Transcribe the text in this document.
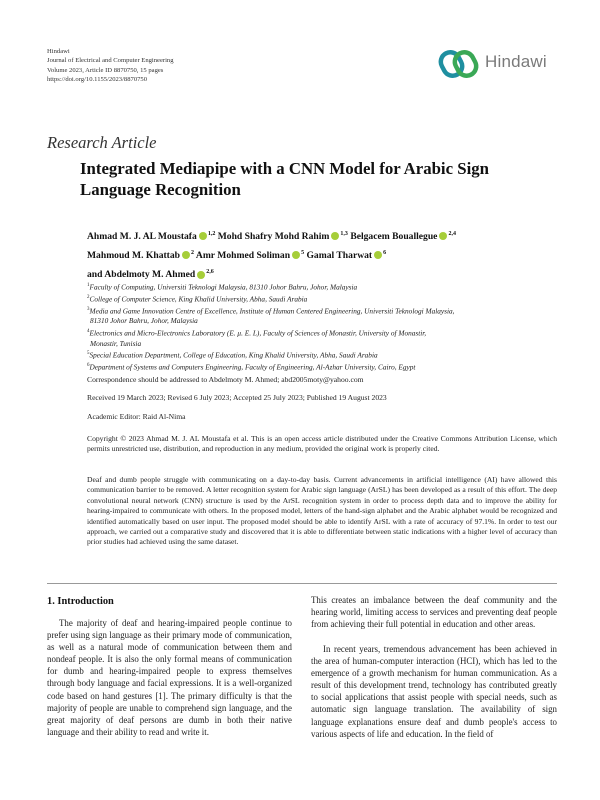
Hindawi
Journal of Electrical and Computer Engineering
Volume 2023, Article ID 8870750, 15 pages
https://doi.org/10.1155/2023/8870750
Hindawi
Research Article
Integrated Mediapipe with a CNN Model for Arabic Sign Language Recognition
Ahmad M. J. AL Moustafa $^{1,2}$ Mohd Shafry Mohd Rahim $^{1,3}$ Belgacem Bouallegue $^{2,4}$
Mahmoud M. Khattab $^2$ Amr Mohmed Soliman $^5$ Gamal Tharwat $^6$
and Abdelmoty M. Ahmed $^{2,6}$
$^1$Faculty of Computing, Universiti Teknologi Malaysia, 81310 Johor Bahru, Johor, Malaysia
$^2$College of Computer Science, King Khalid University, Abha, Saudi Arabia
$^3$Media and Game Innovation Centre of Excellence, Institute of Human Centered Engineering, Universiti Teknologi Malaysia,
81310 Johor Bahru, Johor, Malaysia
$^4$Electronics and Micro-Electronics Laboratory (E. μ. E. L), Faculty of Sciences of Monastir, University of Monastir,
Monastir, Tunisia
$^5$Special Education Department, College of Education, King Khalid University, Abha, Saudi Arabia
$^6$Department of Systems and Computers Engineering, Faculty of Engineering, Al-Azhar University, Cairo, Egypt
Correspondence should be addressed to Abdelmoty M. Ahmed; abd2005moty@yahoo.com
Received 19 March 2023; Revised 6 July 2023; Accepted 25 July 2023; Published 19 August 2023
Academic Editor: Raid Al-Nima
Copyright © 2023 Ahmad M. J. AL Moustafa et al. This is an open access article distributed under the Creative Commons Attribution License, which permits unrestricted use, distribution, and reproduction in any medium, provided the original work is properly cited.
Deaf and dumb people struggle with communicating on a day-to-day basis. Current advancements in artificial intelligence (AI) have allowed this communication barrier to be removed. A letter recognition system for Arabic sign language (ArSL) has been developed as a result of this effort. The deep convolutional neural network (CNN) structure is used by the ArSL recognition system in order to process depth data and to improve the ability for hearing-impaired to communicate with others. In the proposed model, letters of the hand-sign alphabet and the Arabic alphabet would be recognized and identified automatically based on user input. The proposed model should be able to identify ArSL with a rate of accuracy of 97.1%. In order to test our approach, we carried out a comparative study and discovered that it is able to differentiate between static indications with a higher level of accuracy than prior studies had achieved using the same dataset.
1. Introduction

The majority of deaf and hearing-impaired people continue to prefer using sign language as their primary mode of communication, as well as a natural mode of communication between them and nondeaf people. It is also the only formal means of communication for dumb and hearing-impaired people to express themselves through body language and facial expressions. It is a well-organized code based on hand gestures [1]. The primary difficulty is that the majority of people are unable to comprehend sign language, and the great majority of deaf persons are dumb in both their native language and their ability to read and write it.

This creates an imbalance between the deaf community and the hearing world, limiting access to services and preventing deaf people from achieving their full potential in education and other areas.

In recent years, tremendous advancement has been achieved in the area of human-computer interaction (HCI), which has led to the emergence of a growth mechanism for human communication. As a result of this development trend, technology has contributed greatly to social applications that assist people with special needs, such as automatic sign language translation. The availability of sign language explanations ensure deaf and dumb people's access to various aspects of life and education. In the field of
